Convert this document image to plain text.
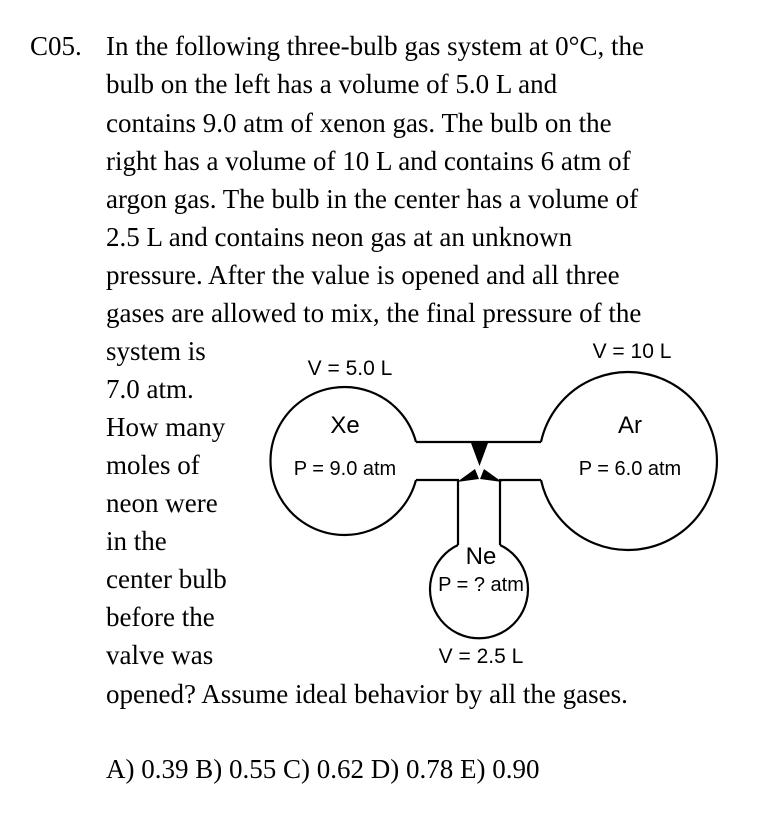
C05. In the following three-bulb gas system at 0°C, the
bulb on the left has a volume of 5.0 L and
contains 9.0 atm of xenon gas. The bulb on the
right has a volume of 10 L and contains 6 atm of
argon gas. The bulb in the center has a volume of
2.5 L and contains neon gas at an unknown
pressure. After the value is opened and all three
gases are allowed to mix, the final pressure of the
system is
7.0 atm.
How many
moles of
neon were
in the
center bulb
before the
valve was
opened? Assume ideal behavior by all the gases.
A) 0.39 B) 0.55 C) 0.62 D) 0.78 E) 0.90
V = 5.0 L
Xe
P = 9.0 atm
V = 10 L
Ar
P = 6.0 atm
Ne
P = ? atm
V = 2.5 L
